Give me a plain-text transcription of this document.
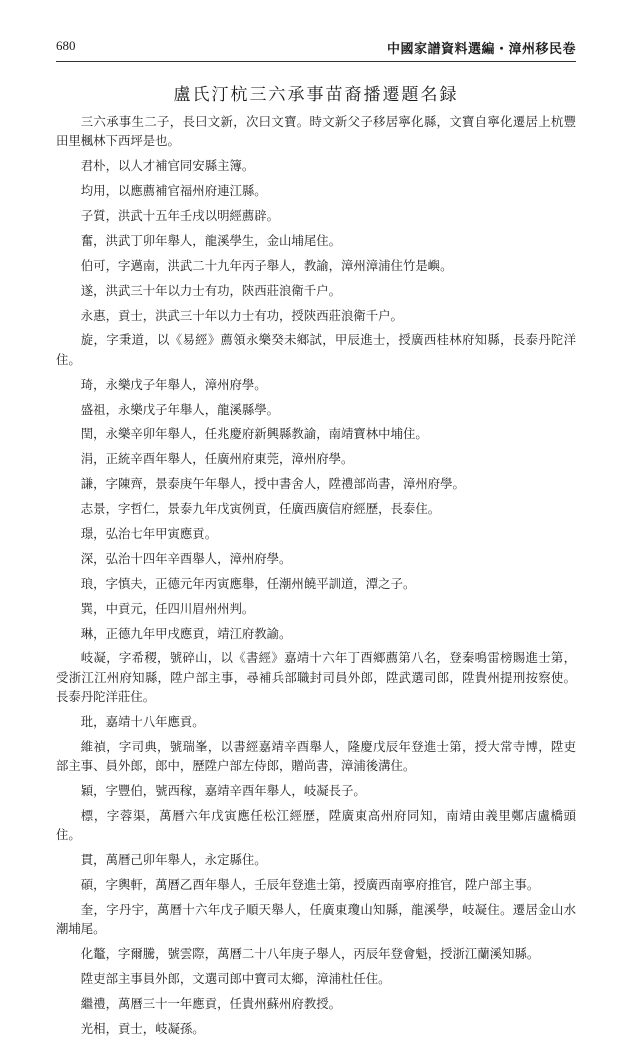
680	中國家譜資料選編・漳州移民卷
盧氏汀杭三六承事苗裔播遷題名録

三六承事生二子，長曰文新，次曰文寶。時文新父子移居寧化縣，文寶自寧化遷居上杭豐田里楓林下西坪是也。

君朴，以人才補官同安縣主簿。

均用，以應薦補官福州府連江縣。

子質，洪武十五年壬戌以明經薦辟。

奮，洪武丁卯年舉人，龍溪學生，金山埔尾住。

伯可，字邁南，洪武二十九年丙子舉人，教諭，漳州漳浦住竹是嶼。

遂，洪武三十年以力士有功，陝西莊浪衛千户。

永惠，貢士，洪武三十年以力士有功，授陝西莊浪衛千户。

旋，字秉道，以《易經》薦領永樂癸未鄉試，甲辰進士，授廣西桂林府知縣，長泰丹陀洋住。

琦，永樂戊子年舉人，漳州府學。

盛祖，永樂戊子年舉人，龍溪縣學。

閏，永樂辛卯年舉人，任兆慶府新興縣教諭，南靖寶林中埔住。

涓，正統辛酉年舉人，任廣州府東莞，漳州府學。

謙，字陳齊，景泰庚午年舉人，授中書舍人，陞禮部尚書，漳州府學。

志景，字哲仁，景泰九年戊寅例貢，任廣西廣信府經歷，長泰住。

璟，弘治七年甲寅應貢。

深，弘治十四年辛酉舉人，漳州府學。

琅，字慎夫，正德元年丙寅應舉，任潮州饒平訓道，潭之子。

巽，中貢元，任四川眉州州判。

琳，正德九年甲戌應貢，靖江府教諭。

岐凝，字希稷，號碎山，以《書經》嘉靖十六年丁酉鄉薦第八名，登秦鳴雷榜賜進士第，受浙江江州府知縣，陞户部主事，尋補兵部職封司員外郎，陞武選司郎，陞貴州提刑按察使。長泰丹陀洋莊住。

玭，嘉靖十八年應貢。

維禎，字司典，號瑞峯，以書經嘉靖辛酉舉人，隆慶戊辰年登進士第，授大常寺博，陞吏部主事、員外郎，郎中，歷陞户部左侍郎，贈尚書，漳浦後溝住。

穎，字豐伯，號西稼，嘉靖辛酉年舉人，岐凝長子。

標，字蓉渠，萬曆六年戊寅應任松江經歷，陞廣東高州府同知，南靖由義里鄭店盧橋頭住。

貫，萬曆己卯年舉人，永定縣住。

碩，字輿軒，萬曆乙酉年舉人，壬辰年登進士第，授廣西南寧府推官，陞户部主事。

奎，字丹宇，萬曆十六年戊子順天舉人，任廣東瓊山知縣，龍溪學，岐凝住。遷居金山水潮埔尾。

化鼇，字爾騰，號雲際，萬曆二十八年庚子舉人，丙辰年登會魁，授浙江蘭溪知縣。

陞吏部主事員外郎，文選司郎中寶司太鄉，漳浦杜任住。

繼禮，萬曆三十一年應貢，任貴州蘇州府教授。

光相，貢士，岐凝孫。
